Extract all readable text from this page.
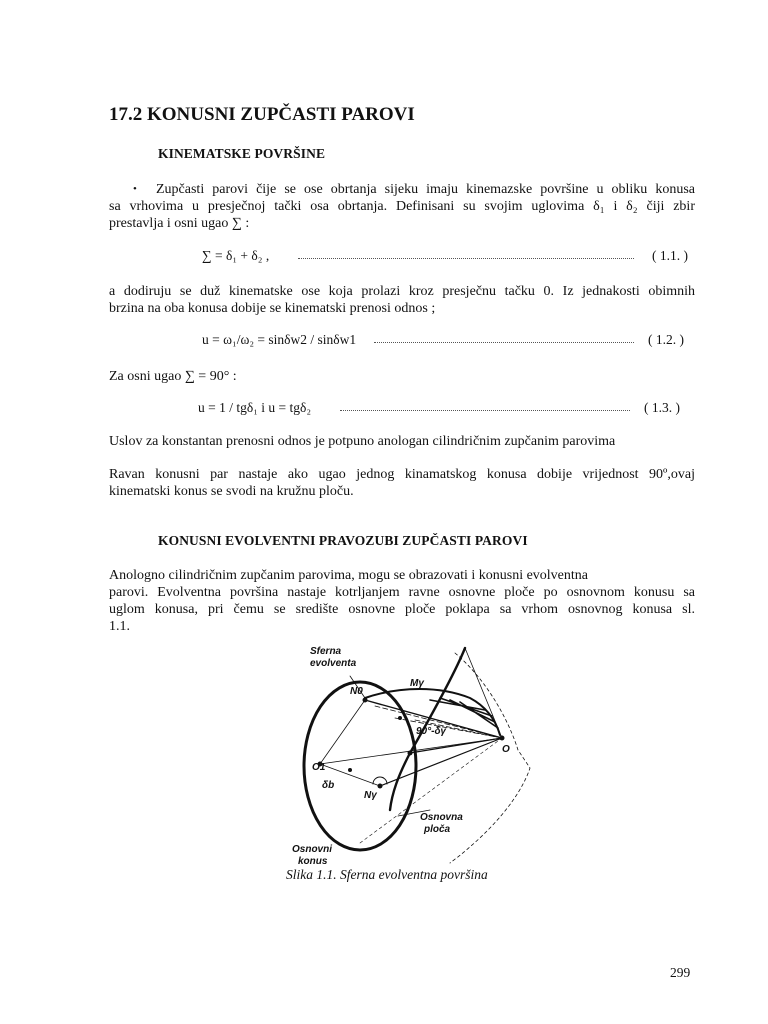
17.2 KONUSNI ZUPČASTI PAROVI
KINEMATSKE POVRŠINE
• Zupčasti parovi čije se ose obrtanja sijeku imaju kinemazske površine u obliku konusa
sa vrhovima u presječnoj tački osa obrtanja. Definisani su svojim uglovima δ₁ i δ₂ čiji zbir
prestavlja i osni ugao ∑ :
∑ = δ₁ + δ₂ ,	( 1.1. )
a dodiruju se duž kinematske ose koja prolazi kroz presječnu tačku 0. Iz jednakosti obimnih
brzina na oba konusa dobije se kinematski prenosi odnos ;
u = ω₁/ω₂ = sinδw2 / sinδw1	( 1.2. )
Za osni ugao ∑ = 90° :
u = 1 / tgδ₁ i u = tgδ₂	( 1.3. )
Uslov za konstantan prenosni odnos je potpuno anologan cilindričnim zupčanim parovima
Ravan konusni par nastaje ako ugao jednog kinamatskog konusa dobije vrijednost 90º,ovaj
kinematski konus se svodi na kružnu ploču.
KONUSNI EVOLVENTNI PRAVOZUBI ZUPČASTI PAROVI
Anologno cilindričnim zupčanim parovima, mogu se obrazovati i konusni evolventna
parovi. Evolventna površina nastaje kotrljanjem ravne osnovne ploče po osnovnom konusu sa
uglom konusa, pri čemu se središte osnovne ploče poklapa sa vrhom osnovnog konusa sl.
1.1.
Sferna
evolventa
N0
Mγ
90°-δγ
O
O1
δb
Nγ
Osnovna
ploča
Osnovni
konus
Slika 1.1. Sferna evolventna površina
299
